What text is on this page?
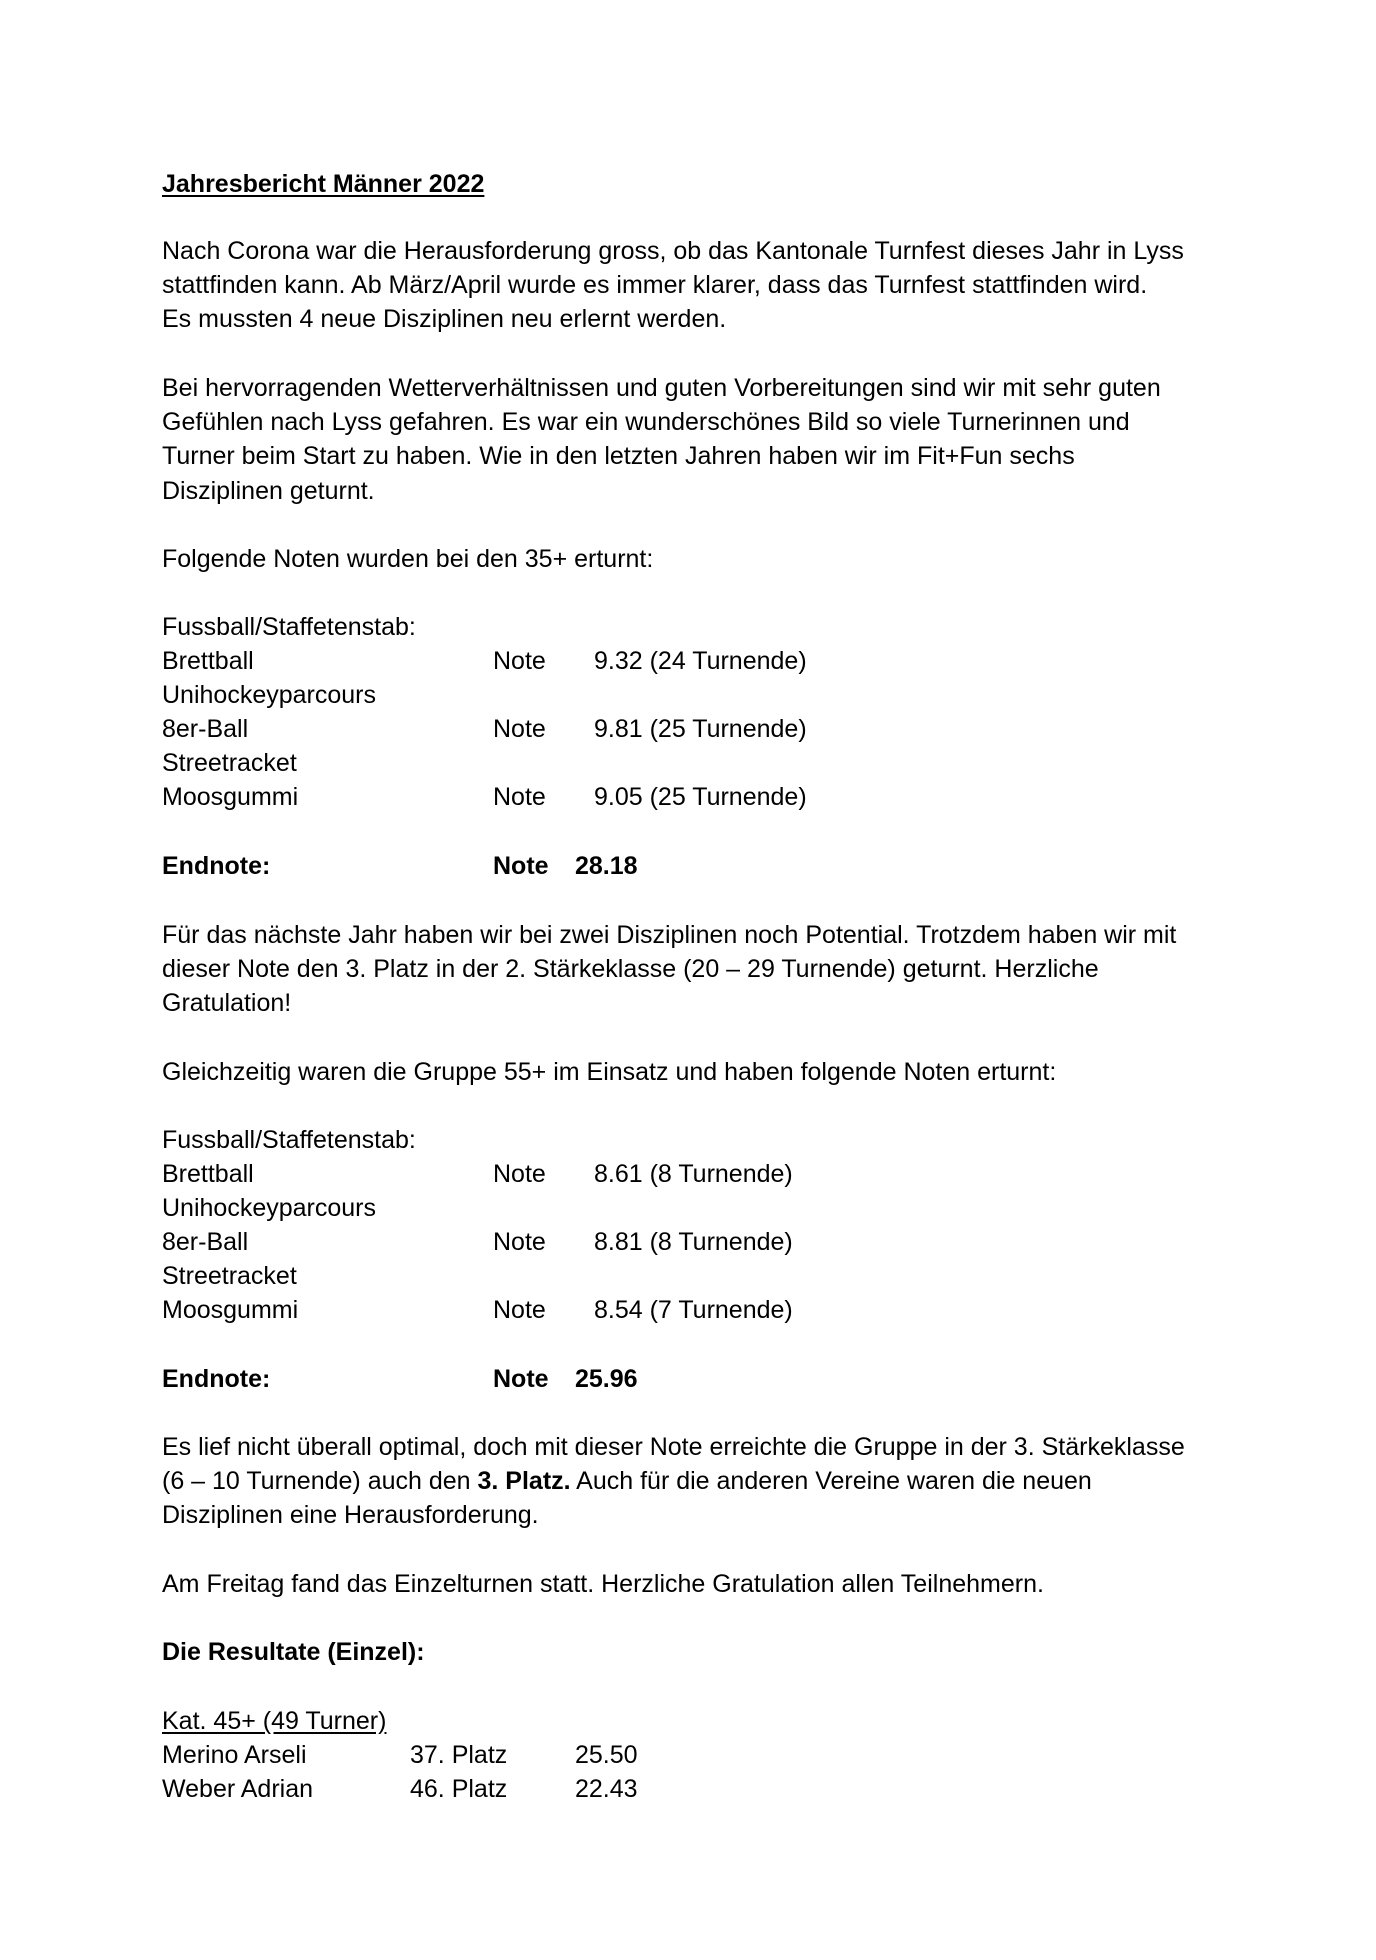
Jahresbericht Männer 2022

Nach Corona war die Herausforderung gross, ob das Kantonale Turnfest dieses Jahr in Lyss

stattfinden kann. Ab März/April wurde es immer klarer, dass das Turnfest stattfinden wird.

Es mussten 4 neue Disziplinen neu erlernt werden.

Bei hervorragenden Wetterverhältnissen und guten Vorbereitungen sind wir mit sehr guten

Gefühlen nach Lyss gefahren. Es war ein wunderschönes Bild so viele Turnerinnen und

Turner beim Start zu haben. Wie in den letzten Jahren haben wir im Fit+Fun sechs

Disziplinen geturnt.

Folgende Noten wurden bei den 35+ erturnt:

Fussball/Staffetenstab:
Brettball	Note 9.32 (24 Turnende)
Unihockeyparcours
8er-Ball	Note 9.81 (25 Turnende)
Streetracket
Moosgummi	Note 9.05 (25 Turnende)
Endnote:	Note 28.18

Für das nächste Jahr haben wir bei zwei Disziplinen noch Potential. Trotzdem haben wir mit

dieser Note den 3. Platz in der 2. Stärkeklasse (20 – 29 Turnende) geturnt. Herzliche

Gratulation!

Gleichzeitig waren die Gruppe 55+ im Einsatz und haben folgende Noten erturnt:

Fussball/Staffetenstab:
Brettball	Note 8.61 (8 Turnende)
Unihockeyparcours
8er-Ball	Note 8.81 (8 Turnende)
Streetracket
Moosgummi	Note 8.54 (7 Turnende)
Endnote:	Note 25.96

Es lief nicht überall optimal, doch mit dieser Note erreichte die Gruppe in der 3. Stärkeklasse

(6 – 10 Turnende) auch den 3. Platz. Auch für die anderen Vereine waren die neuen

Disziplinen eine Herausforderung.

Am Freitag fand das Einzelturnen statt. Herzliche Gratulation allen Teilnehmern.

Die Resultate (Einzel):

Kat. 45+ (49 Turner)

Merino Arseli	37. Platz	25.50
Weber Adrian	46. Platz	22.43
